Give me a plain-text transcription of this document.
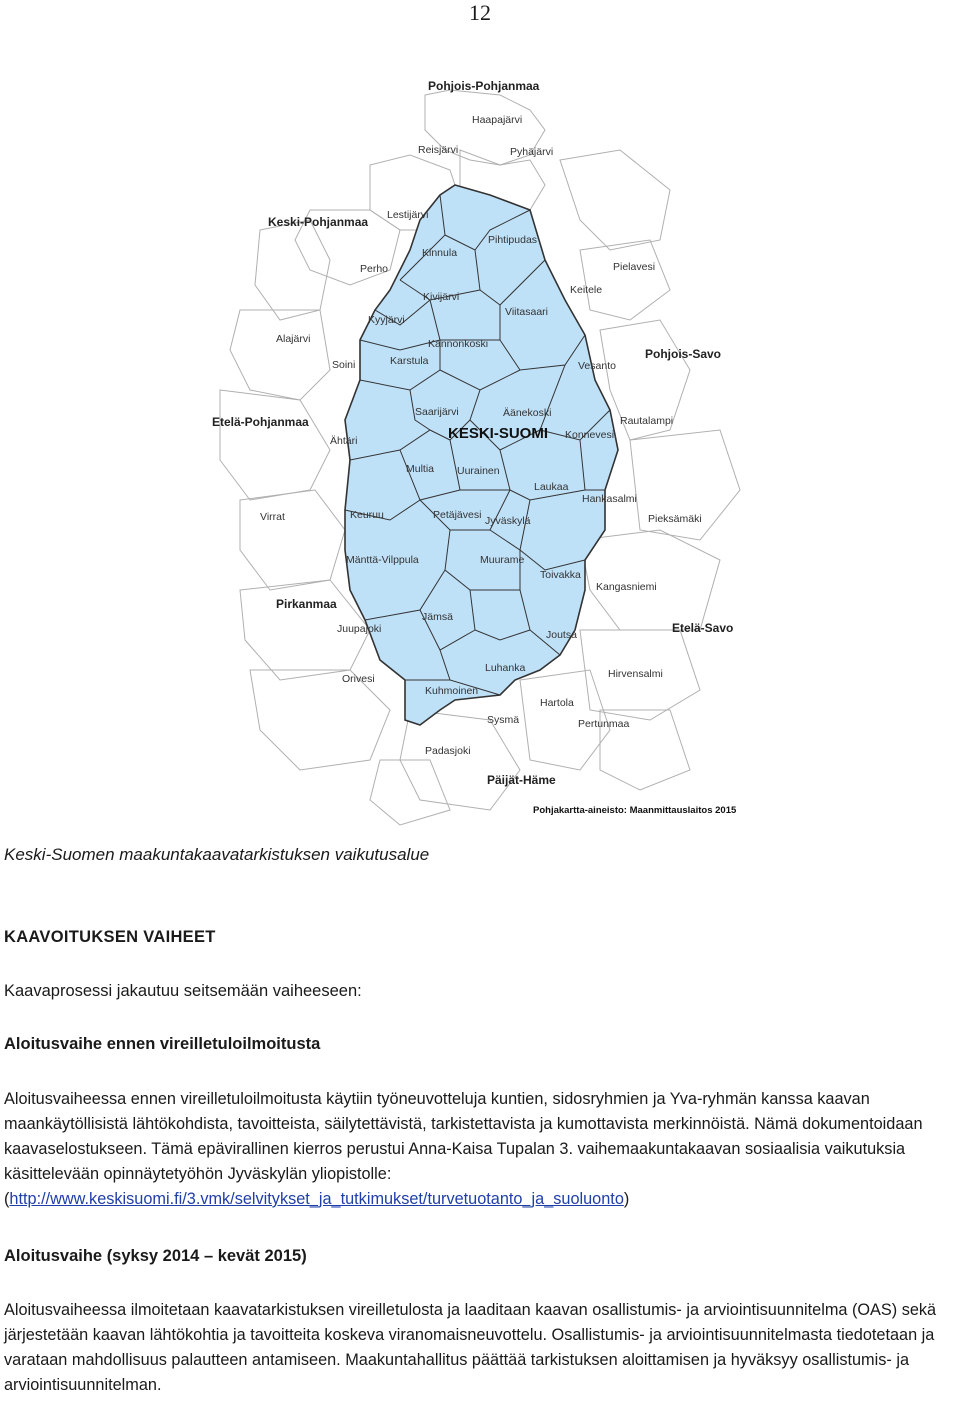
12
Pohjois-Pohjanmaa
Keski-Pohjanmaa
Etelä-Pohjanmaa
Pirkanmaa
Pohjois-Savo
Etelä-Savo
Päijät-Häme
KESKI-SUOMI
Pihtipudas
Kinnula
Kivijärvi
Viitasaari
Kyyjärvi
Kannonkoski
Karstula
Saarijärvi	Äänekoski
Konnevesi
Multia Uurainen
Laukaa
Hankasalmi
Keuruu	Petäjävesi Jyväskylä
Muurame
Toivakka
Jämsä
Joutsa
Luhanka
Kuhmoinen
Haapajärvi
Reisjärvi	Pyhäjärvi
Lestijärvi
Perho	Pielavesi
Keitele
Alajärvi
Soini	Vesanto
Ähtäri
Rautalampi
Virrat	Pieksämäki
Mänttä-Vilppula
Kangasniemi
Juupajoki
Orivesi	Hirvensalmi
Hartola
Sysmä	Pertunmaa
Padasjoki
Pohjakartta-aineisto: Maanmittauslaitos 2015
Keski-Suomen maakuntakaavatarkistuksen vaikutusalue
KAAVOITUKSEN VAIHEET
Kaavaprosessi jakautuu seitsemään vaiheeseen:
Aloitusvaihe ennen vireilletuloilmoitusta
Aloitusvaiheessa ennen vireilletuloilmoitusta käytiin työneuvotteluja kuntien, sidosryhmien ja Yva-ryhmän kanssa kaavan maankäytöllisistä lähtökohdista, tavoitteista, säilytettävistä, tarkistettavista ja kumottavista merkinnöistä. Nämä dokumentoidaan kaavaselostukseen. Tämä epävirallinen kierros perustui Anna-Kaisa Tupalan 3. vaihemaakuntakaavan sosiaalisia vaikutuksia käsittelevään opinnäytetyöhön Jyväskylän yliopistolle: (http://www.keskisuomi.fi/3.vmk/selvitykset_ja_tutkimukset/turvetuotanto_ja_suoluonto)
Aloitusvaihe (syksy 2014 – kevät 2015)
Aloitusvaiheessa ilmoitetaan kaavatarkistuksen vireilletulosta ja laaditaan kaavan osallistumis- ja arviointisuunnitelma (OAS) sekä järjestetään kaavan lähtökohtia ja tavoitteita koskeva viranomaisneuvottelu. Osallistumis- ja arviointisuunnitelmasta tiedotetaan ja varataan mahdollisuus palautteen antamiseen. Maakuntahallitus päättää tarkistuksen aloittamisen ja hyväksyy osallistumis- ja arviointisuunnitelman.
